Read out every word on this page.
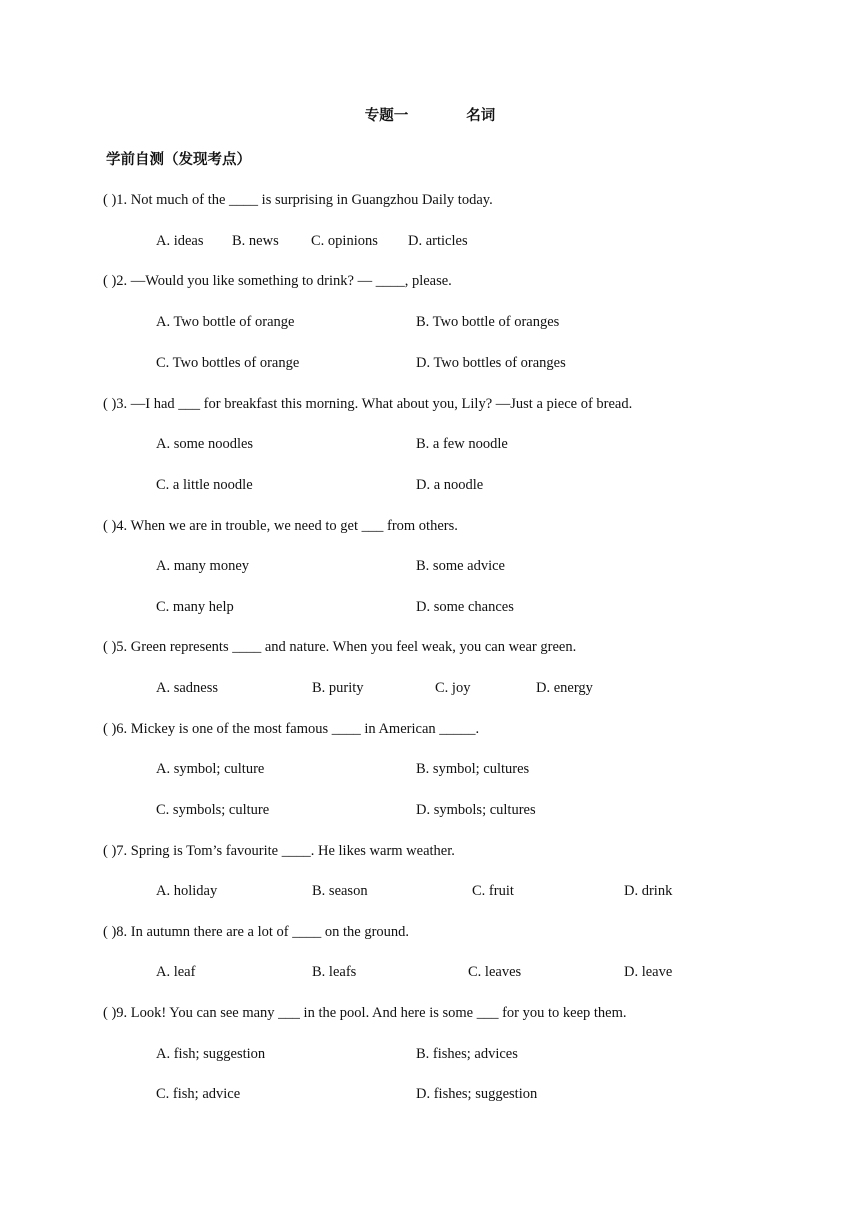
专题一	名词
学前自测（发现考点）
( )1. Not much of the ____ is surprising in Guangzhou Daily today.
A. ideas B. news C. opinions D. articles
( )2. —Would you like something to drink? — ____, please.
A. Two bottle of orange	B. Two bottle of oranges
C. Two bottles of orange	D. Two bottles of oranges
( )3. —I had ___ for breakfast this morning. What about you, Lily? —Just a piece of bread.
A. some noodles	B. a few noodle
C. a little noodle	D. a noodle
( )4. When we are in trouble, we need to get ___ from others.
A. many money	B. some advice
C. many help	D. some chances
( )5. Green represents ____ and nature. When you feel weak, you can wear green.
A. sadness	B. purity	C. joy	D. energy
( )6. Mickey is one of the most famous ____ in American _____.
A. symbol; culture	B. symbol; cultures
C. symbols; culture	D. symbols; cultures
( )7. Spring is Tom’s favourite ____. He likes warm weather.
A. holiday	B. season	C. fruit	D. drink
( )8. In autumn there are a lot of ____ on the ground.
A. leaf	B. leafs	C. leaves	D. leave
( )9. Look! You can see many ___ in the pool. And here is some ___ for you to keep them.
A. fish; suggestion	B. fishes; advices
C. fish; advice	D. fishes; suggestion
